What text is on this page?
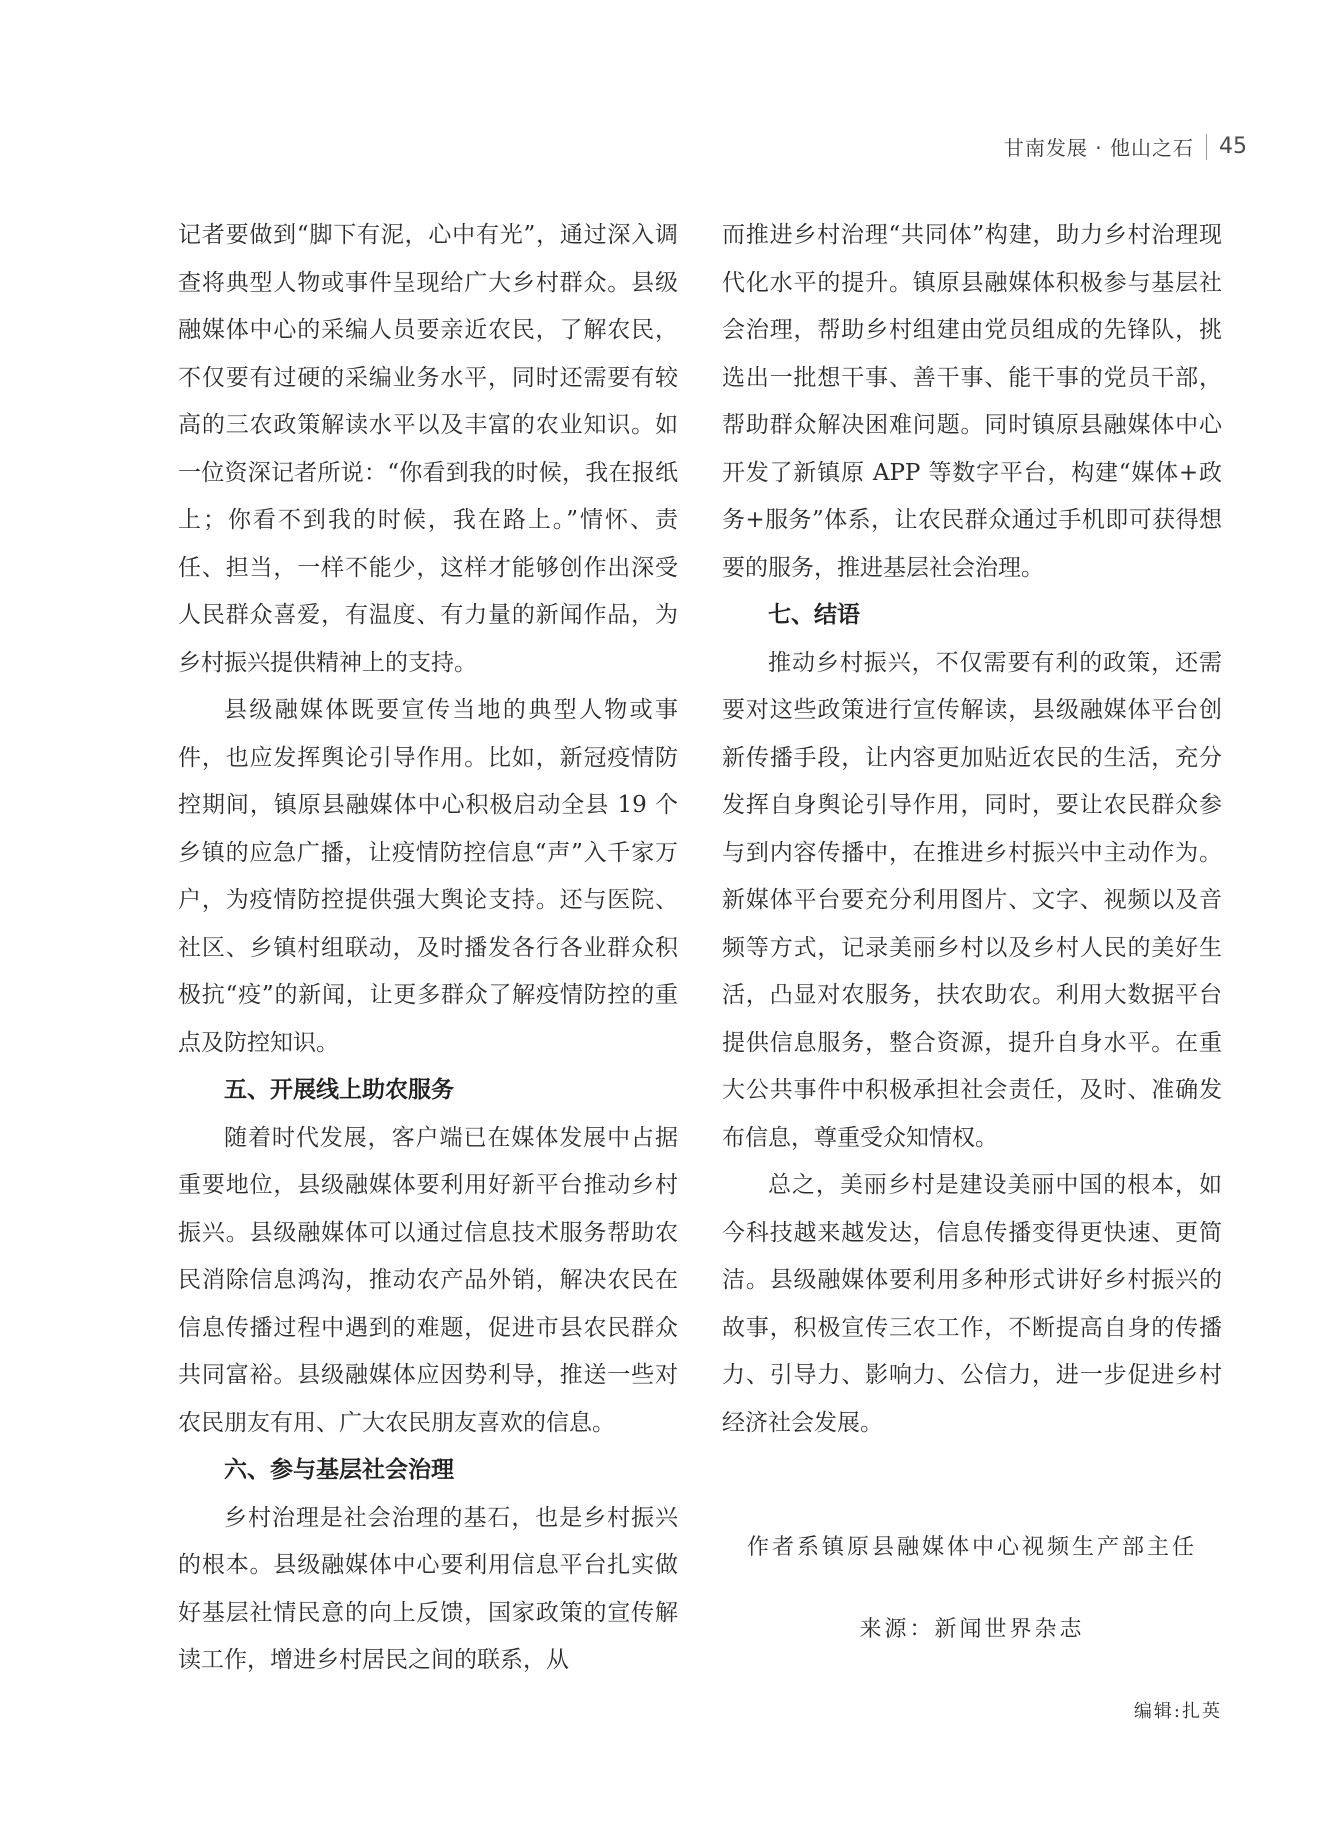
甘南发展 · 他山之石 45

记者要做到“脚下有泥，心中有光”，通过深入调查将典型人物或事件呈现给广大乡村群众。县级融媒体中心的采编人员要亲近农民，了解农民，不仅要有过硬的采编业务水平，同时还需要有较高的三农政策解读水平以及丰富的农业知识。如一位资深记者所说：“你看到我的时候，我在报纸上；你看不到我的时候，我在路上。”情怀、责任、担当，一样不能少，这样才能够创作出深受人民群众喜爱，有温度、有力量的新闻作品，为乡村振兴提供精神上的支持。

县级融媒体既要宣传当地的典型人物或事件，也应发挥舆论引导作用。比如，新冠疫情防控期间，镇原县融媒体中心积极启动全县 19 个乡镇的应急广播，让疫情防控信息“声”入千家万户，为疫情防控提供强大舆论支持。还与医院、社区、乡镇村组联动，及时播发各行各业群众积极抗“疫”的新闻，让更多群众了解疫情防控的重点及防控知识。

五、开展线上助农服务

随着时代发展，客户端已在媒体发展中占据重要地位，县级融媒体要利用好新平台推动乡村振兴。县级融媒体可以通过信息技术服务帮助农民消除信息鸿沟，推动农产品外销，解决农民在信息传播过程中遇到的难题，促进市县农民群众共同富裕。县级融媒体应因势利导，推送一些对农民朋友有用、广大农民朋友喜欢的信息。

六、参与基层社会治理

乡村治理是社会治理的基石，也是乡村振兴的根本。县级融媒体中心要利用信息平台扎实做好基层社情民意的向上反馈，国家政策的宣传解读工作，增进乡村居民之间的联系，从

而推进乡村治理“共同体”构建，助力乡村治理现代化水平的提升。镇原县融媒体积极参与基层社会治理，帮助乡村组建由党员组成的先锋队，挑选出一批想干事、善干事、能干事的党员干部，帮助群众解决困难问题。同时镇原县融媒体中心开发了新镇原 APP 等数字平台，构建“媒体+政务+服务”体系，让农民群众通过手机即可获得想要的服务，推进基层社会治理。

七、结语

推动乡村振兴，不仅需要有利的政策，还需要对这些政策进行宣传解读，县级融媒体平台创新传播手段，让内容更加贴近农民的生活，充分发挥自身舆论引导作用，同时，要让农民群众参与到内容传播中，在推进乡村振兴中主动作为。新媒体平台要充分利用图片、文字、视频以及音频等方式，记录美丽乡村以及乡村人民的美好生活，凸显对农服务，扶农助农。利用大数据平台提供信息服务，整合资源，提升自身水平。在重大公共事件中积极承担社会责任，及时、准确发布信息，尊重受众知情权。

总之，美丽乡村是建设美丽中国的根本，如今科技越来越发达，信息传播变得更快速、更简洁。县级融媒体要利用多种形式讲好乡村振兴的故事，积极宣传三农工作，不断提高自身的传播力、引导力、影响力、公信力，进一步促进乡村经济社会发展。

作者系镇原县融媒体中心视频生产部主任
来源：新闻世界杂志
编辑:扎英
